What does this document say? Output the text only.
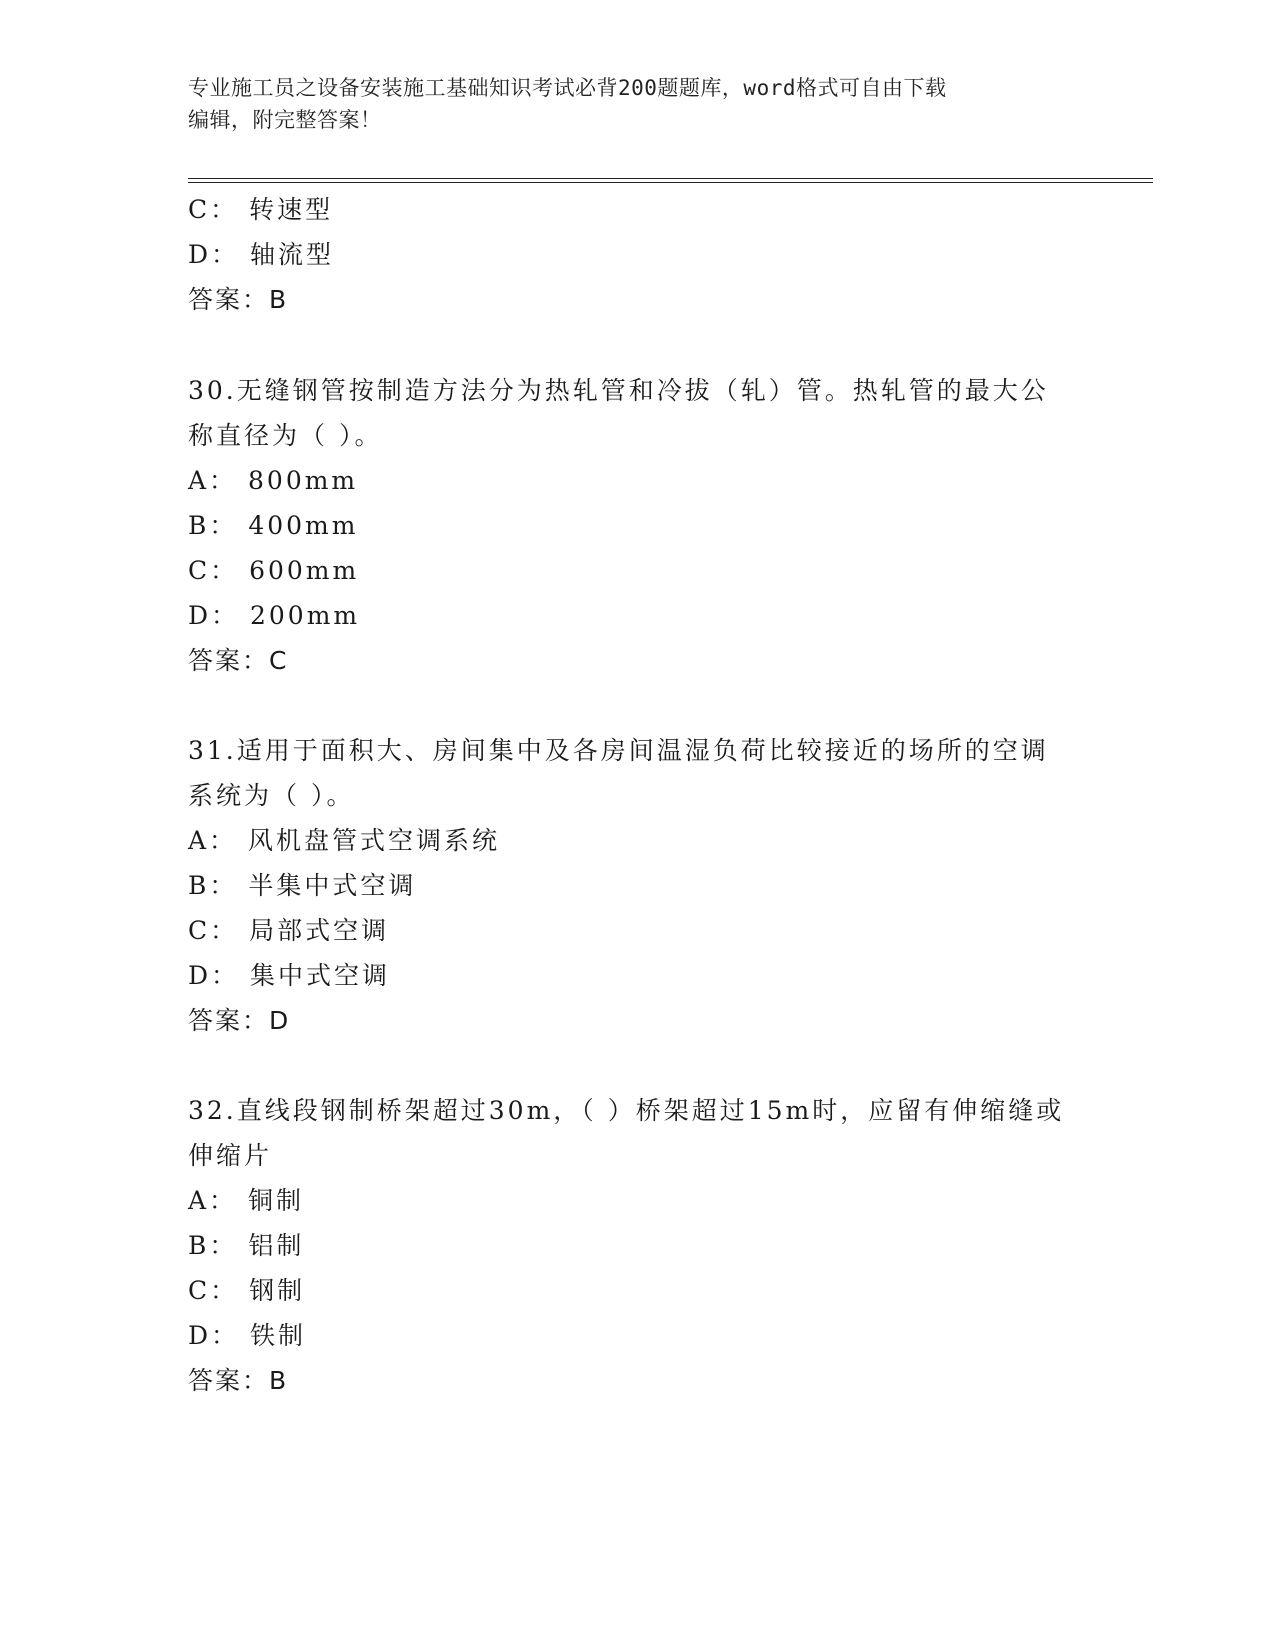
专业施工员之设备安装施工基础知识考试必背200题题库，word格式可自由下载
编辑，附完整答案！
C： 转速型
D： 轴流型
答案：B
30.无缝钢管按制造方法分为热轧管和冷拔（轧）管。热轧管的最大公
称直径为（ ）。
A： 800mm
B： 400mm
C： 600mm
D： 200mm
答案：C
31.适用于面积大、房间集中及各房间温湿负荷比较接近的场所的空调
系统为（ ）。
A： 风机盘管式空调系统
B： 半集中式空调
C： 局部式空调
D： 集中式空调
答案：D
32.直线段钢制桥架超过30m，（ ）桥架超过15m时，应留有伸缩缝或
伸缩片
A： 铜制
B： 铝制
C： 钢制
D： 铁制
答案：B
